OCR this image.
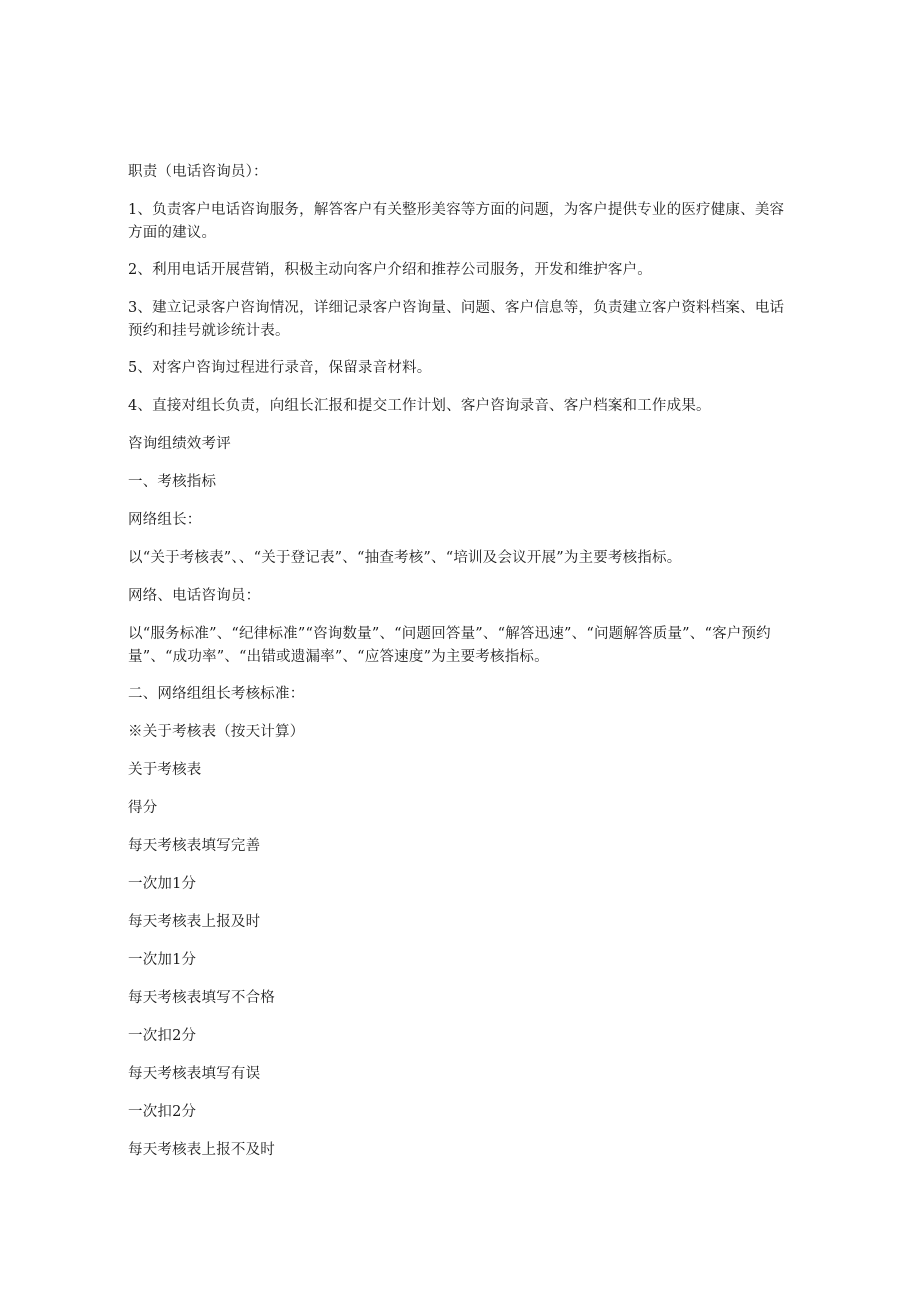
职责（电话咨询员）：

1、负责客户电话咨询服务，解答客户有关整形美容等方面的问题，为客户提供专业的医疗健康、美容方面的建议。

2、利用电话开展营销，积极主动向客户介绍和推荐公司服务，开发和维护客户。

3、建立记录客户咨询情况，详细记录客户咨询量、问题、客户信息等，负责建立客户资料档案、电话预约和挂号就诊统计表。

5、对客户咨询过程进行录音，保留录音材料。

4、直接对组长负责，向组长汇报和提交工作计划、客户咨询录音、客户档案和工作成果。

咨询组绩效考评

一、考核指标

网络组长：

以“关于考核表”、、“关于登记表”、“抽查考核”、“培训及会议开展”为主要考核指标。

网络、电话咨询员：

以“服务标准”、“纪律标准”“咨询数量”、“问题回答量”、“解答迅速”、“问题解答质量”、“客户预约量”、“成功率”、“出错或遗漏率”、“应答速度”为主要考核指标。

二、网络组组长考核标准：

※关于考核表（按天计算）

关于考核表

得分

每天考核表填写完善

一次加1分

每天考核表上报及时

一次加1分

每天考核表填写不合格

一次扣2分

每天考核表填写有误

一次扣2分

每天考核表上报不及时
